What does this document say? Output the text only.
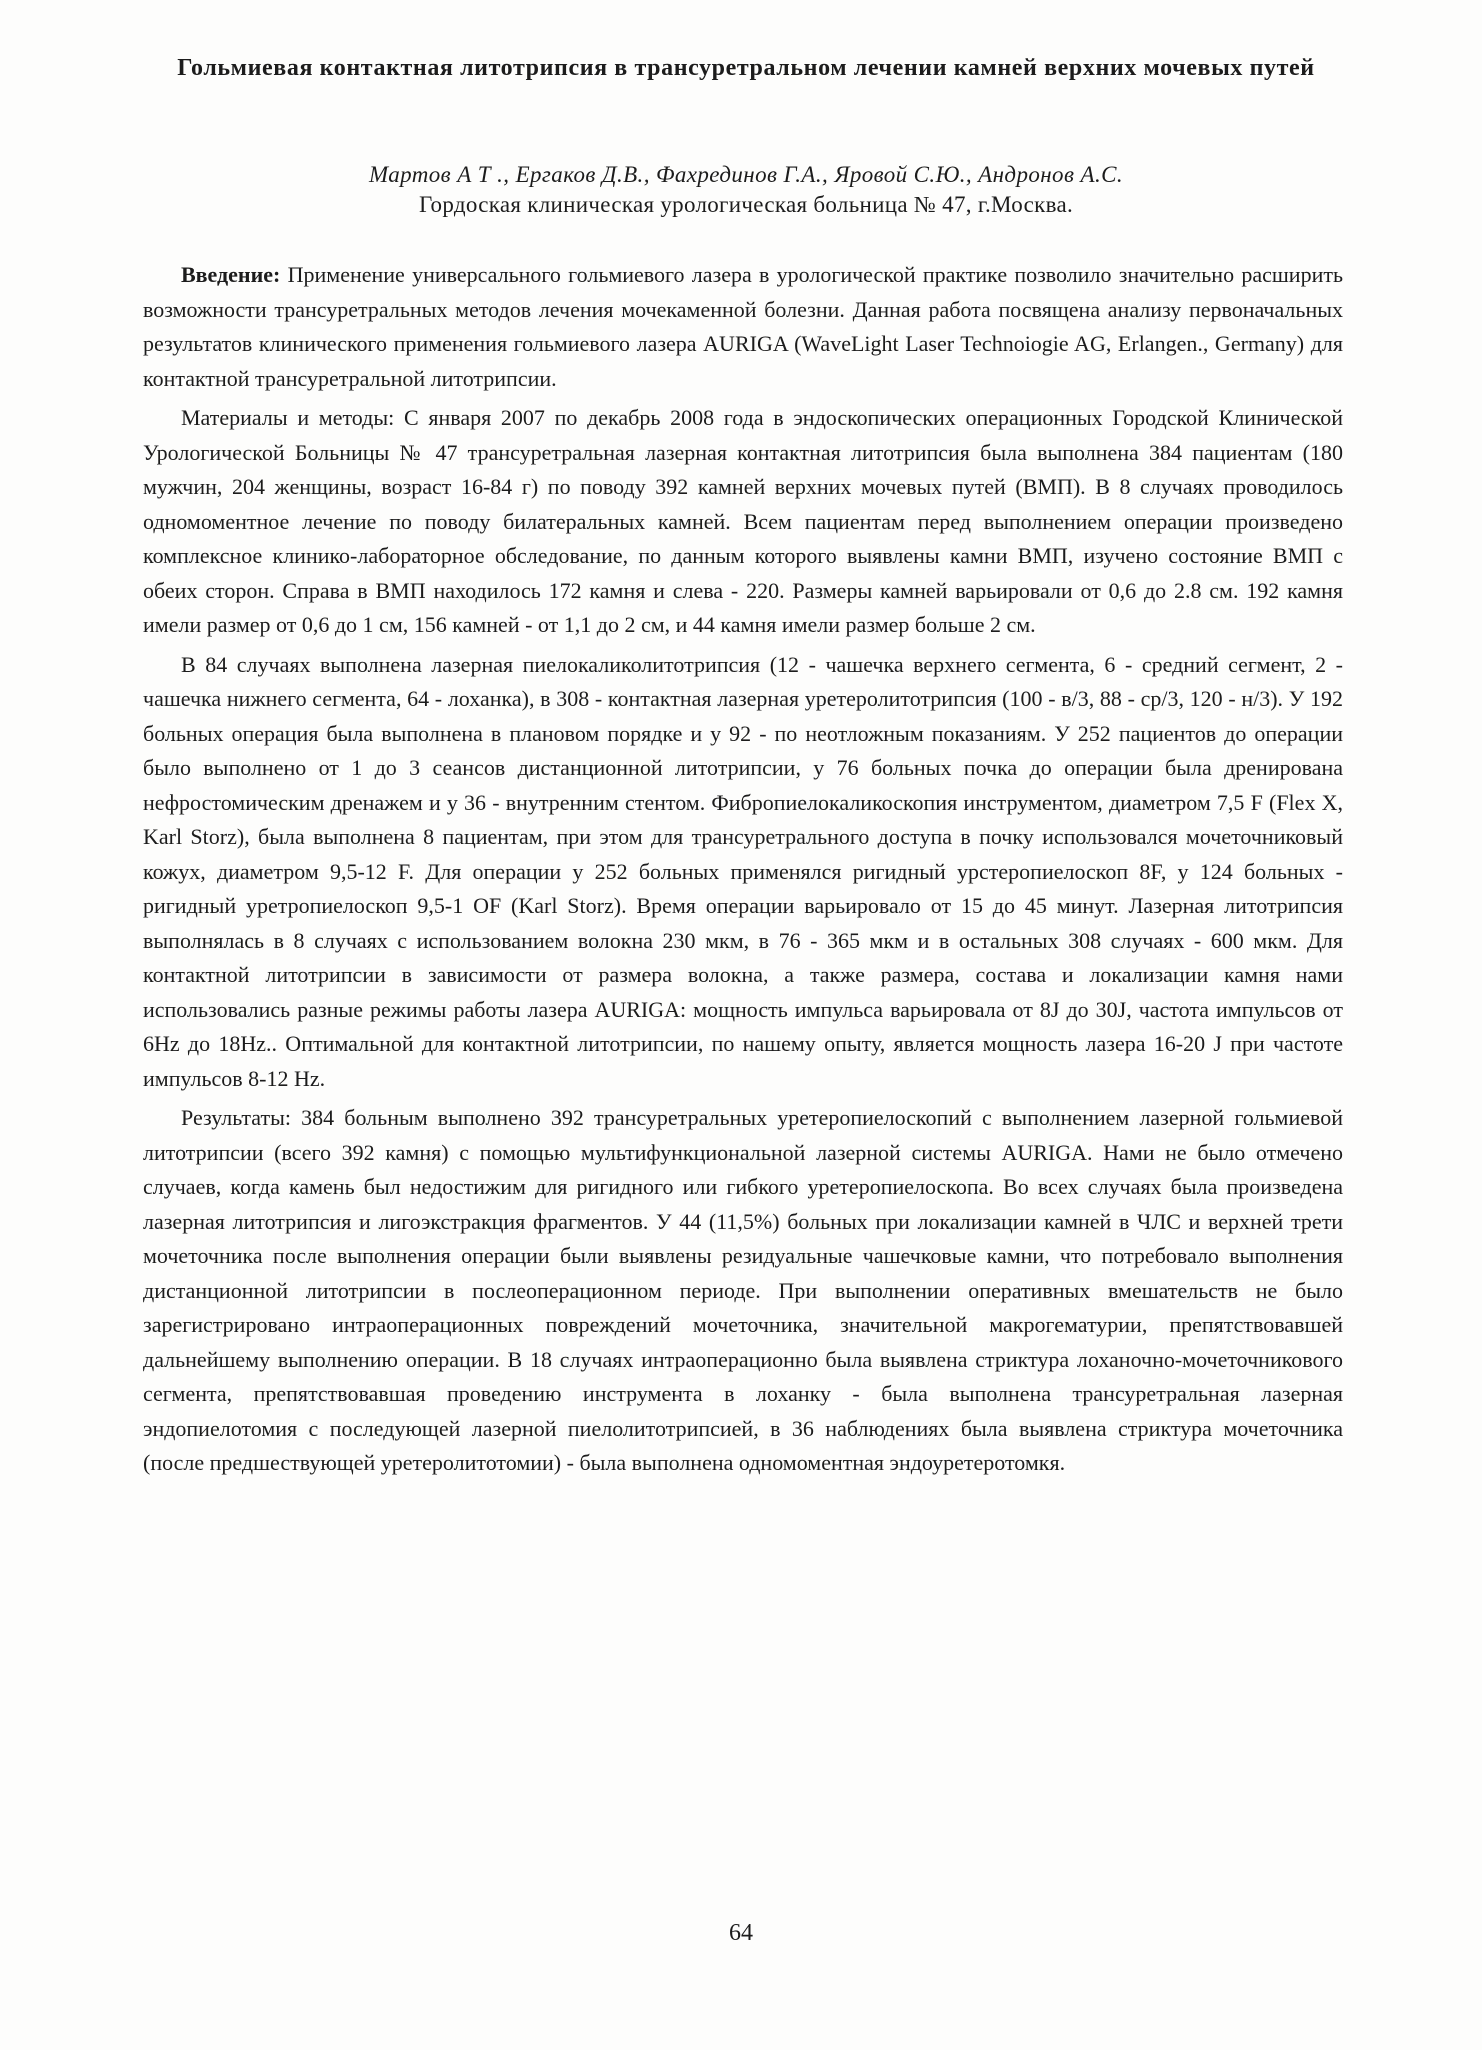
Гольмиевая контактная литотрипсия в трансуретральном лечении камней верхних мочевых путей
Мартов А Т ., Ергаков Д.В., Фахрединов Г.А., Яровой С.Ю., Андронов А.С.
Гордоская клиническая урологическая больница № 47, г.Москва.

Введение: Применение универсального гольмиевого лазера в урологической практике позволило значительно расширить возможности трансуретральных методов лечения мочекаменной болезни. Данная работа посвящена анализу первоначальных результатов клинического применения гольмиевого лазера AURIGA (WaveLight Laser Technoiogie AG, Erlangen., Germany) для контактной трансуретральной литотрипсии.

Материалы и методы: С января 2007 по декабрь 2008 года в эндоскопических операционных Городской Клинической Урологической Больницы № 47 трансуретральная лазерная контактная литотрипсия была выполнена 384 пациентам (180 мужчин, 204 женщины, возраст 16-84 г) по поводу 392 камней верхних мочевых путей (ВМП). В 8 случаях проводилось одномоментное лечение по поводу билатеральных камней. Всем пациентам перед выполнением операции произведено комплексное клинико-лабораторное обследование, по данным которого выявлены камни ВМП, изучено состояние ВМП с обеих сторон. Справа в ВМП находилось 172 камня и слева - 220. Размеры камней варьировали от 0,6 до 2.8 см. 192 камня имели размер от 0,6 до 1 см, 156 камней - от 1,1 до 2 см, и 44 камня имели размер больше 2 см.

В 84 случаях выполнена лазерная пиелокаликолитотрипсия (12 - чашечка верхнего сегмента, 6 - средний сегмент, 2 - чашечка нижнего сегмента, 64 - лоханка), в 308 - контактная лазерная уретеролитотрипсия (100 - в/3, 88 - ср/3, 120 - н/3). У 192 больных операция была выполнена в плановом порядке и у 92 - по неотложным показаниям. У 252 пациентов до операции было выполнено от 1 до 3 сеансов дистанционной литотрипсии, у 76 больных почка до операции была дренирована нефростомическим дренажем и у 36 - внутренним стентом. Фибропиелокаликоскопия инструментом, диаметром 7,5 F (Flex X, Karl Storz), была выполнена 8 пациентам, при этом для трансуретрального доступа в почку использовался мочеточниковый кожух, диаметром 9,5-12 F. Для операции у 252 больных применялся ригидный урстеропиелоскоп 8F, у 124 больных - ригидный уретропиелоскоп 9,5-1 OF (Karl Storz). Время операции варьировало от 15 до 45 минут. Лазерная литотрипсия выполнялась в 8 случаях с использованием волокна 230 мкм, в 76 - 365 мкм и в остальных 308 случаях - 600 мкм. Для контактной литотрипсии в зависимости от размера волокна, а также размера, состава и локализации камня нами использовались разные режимы работы лазера AURIGA: мощность импульса варьировала от 8J до 30J, частота импульсов от 6Hz до 18Hz.. Оптимальной для контактной литотрипсии, по нашему опыту, является мощность лазера 16-20 J при частоте импульсов 8-12 Hz.

Результаты: 384 больным выполнено 392 трансуретральных уретеропиелоскопий с выполнением лазерной гольмиевой литотрипсии (всего 392 камня) с помощью мультифункциональной лазерной системы AURIGA. Нами не было отмечено случаев, когда камень был недостижим для ригидного или гибкого уретеропиелоскопа. Во всех случаях была произведена лазерная литотрипсия и лигоэкстракция фрагментов. У 44 (11,5%) больных при локализации камней в ЧЛС и верхней трети мочеточника после выполнения операции были выявлены резидуальные чашечковые камни, что потребовало выполнения дистанционной литотрипсии в послеоперационном периоде. При выполнении оперативных вмешательств не было зарегистрировано интраоперационных повреждений мочеточника, значительной макрогематурии, препятствовавшей дальнейшему выполнению операции. В 18 случаях интраоперационно была выявлена стриктура лоханочно-мочеточникового сегмента, препятствовавшая проведению инструмента в лоханку - была выполнена трансуретральная лазерная эндопиелотомия с последующей лазерной пиелолитотрипсией, в 36 наблюдениях была выявлена стриктура мочеточника (после предшествующей уретеролитотомии) - была выполнена одномоментная эндоуретеротомкя.

64
